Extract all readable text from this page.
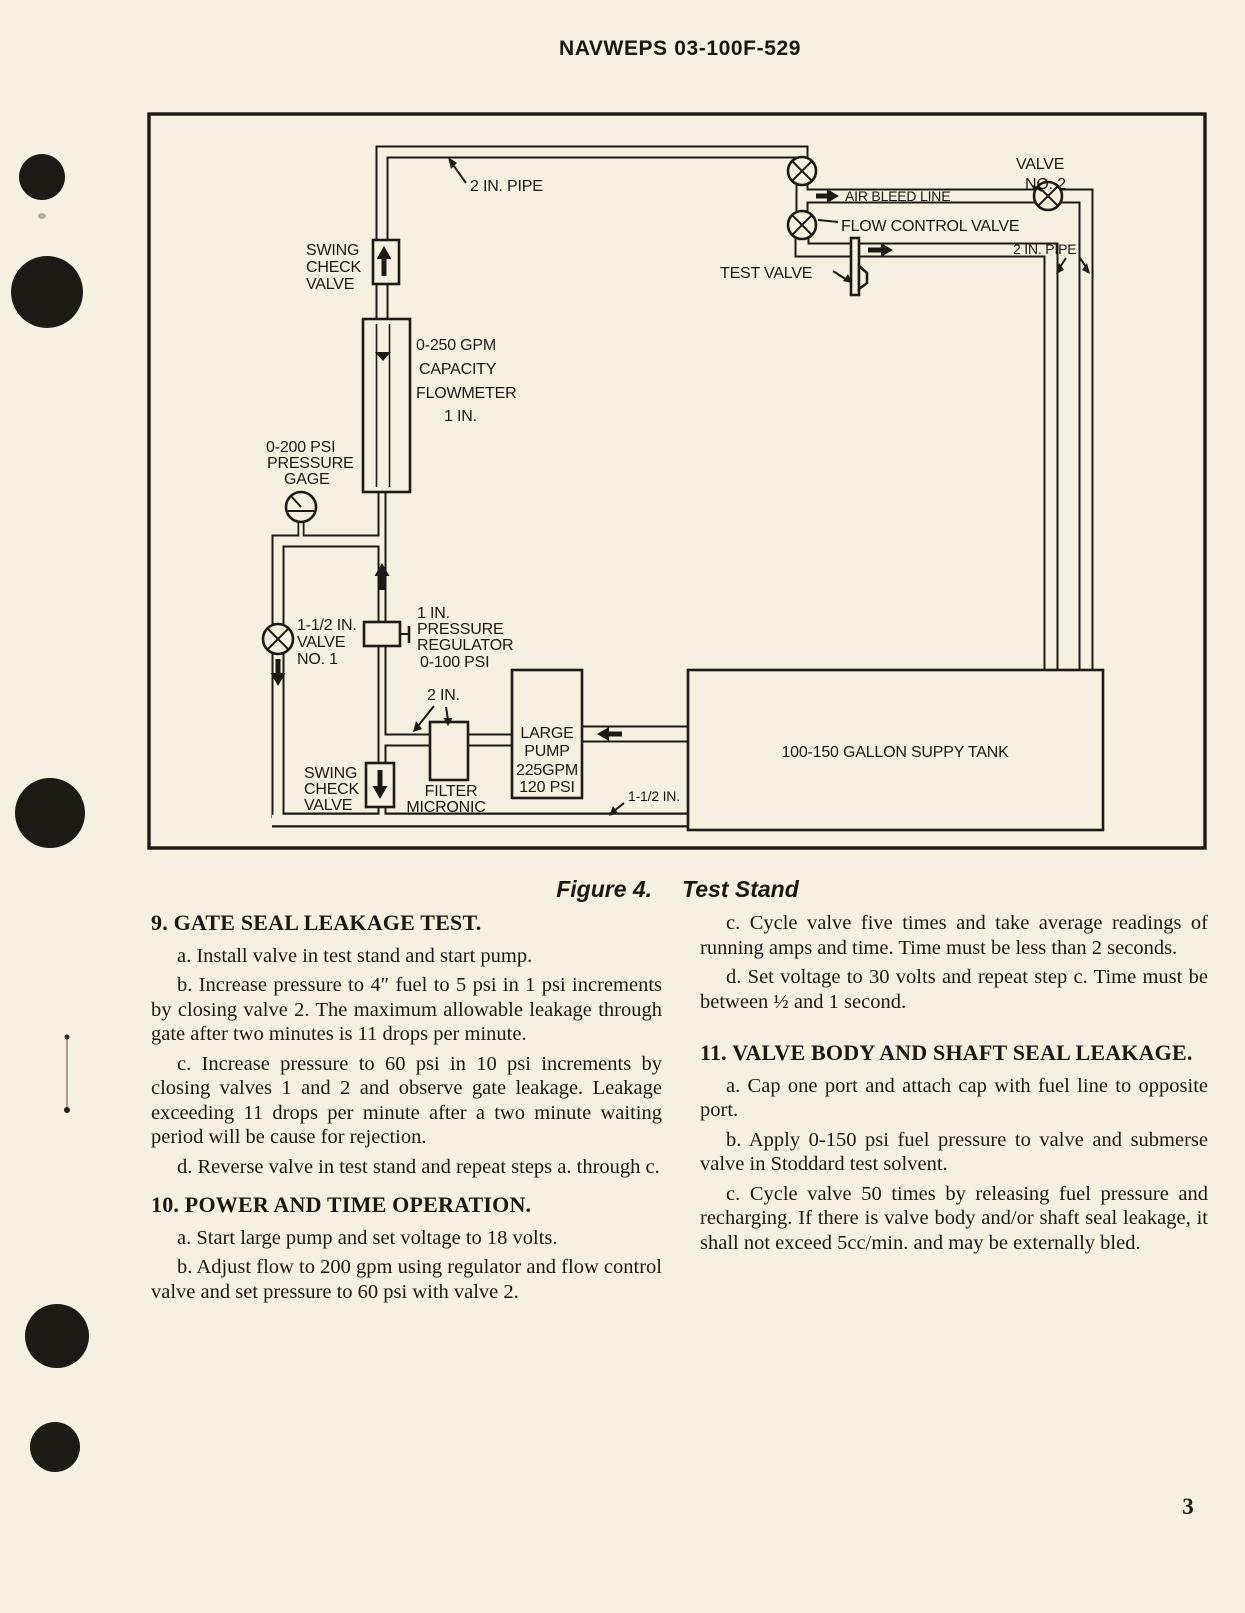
NAVWEPS 03-100F-529
2 IN. PIPE
AIR BLEED LINE
FLOW CONTROL VALVE
VALVE
NO. 2
2 IN. PIPE
TEST VALVE
SWING
CHECK
VALVE
0-250 GPM
CAPACITY
FLOWMETER
1 IN.
0-200 PSI
PRESSURE
GAGE
1-1/2 IN.
VALVE
NO. 1
1 IN.
PRESSURE
REGULATOR
0-100 PSI
2 IN.
LARGE
PUMP
225GPM
120 PSI
100-150 GALLON SUPPY TANK
FILTER
MICRONIC
SWING
CHECK
VALVE
1-1/2 IN.
Figure 4. Test Stand
9. GATE SEAL LEAKAGE TEST.

a. Install valve in test stand and start pump.

b. Increase pressure to 4″ fuel to 5 psi in 1 psi increments by closing valve 2. The maximum allowable leakage through gate after two minutes is 11 drops per minute.

c. Increase pressure to 60 psi in 10 psi increments by closing valves 1 and 2 and observe gate leakage. Leakage exceeding 11 drops per minute after a two minute waiting period will be cause for rejection.

d. Reverse valve in test stand and repeat steps a. through c.

10. POWER AND TIME OPERATION.

a. Start large pump and set voltage to 18 volts.

b. Adjust flow to 200 gpm using regulator and flow control valve and set pressure to 60 psi with valve 2.

c. Cycle valve five times and take average readings of running amps and time. Time must be less than 2 seconds.

d. Set voltage to 30 volts and repeat step c. Time must be between ½ and 1 second.

11. VALVE BODY AND SHAFT SEAL LEAKAGE.

a. Cap one port and attach cap with fuel line to opposite port.

b. Apply 0-150 psi fuel pressure to valve and submerse valve in Stoddard test solvent.

c. Cycle valve 50 times by releasing fuel pressure and recharging. If there is valve body and/or shaft seal leakage, it shall not exceed 5cc/min. and may be externally bled.

3
